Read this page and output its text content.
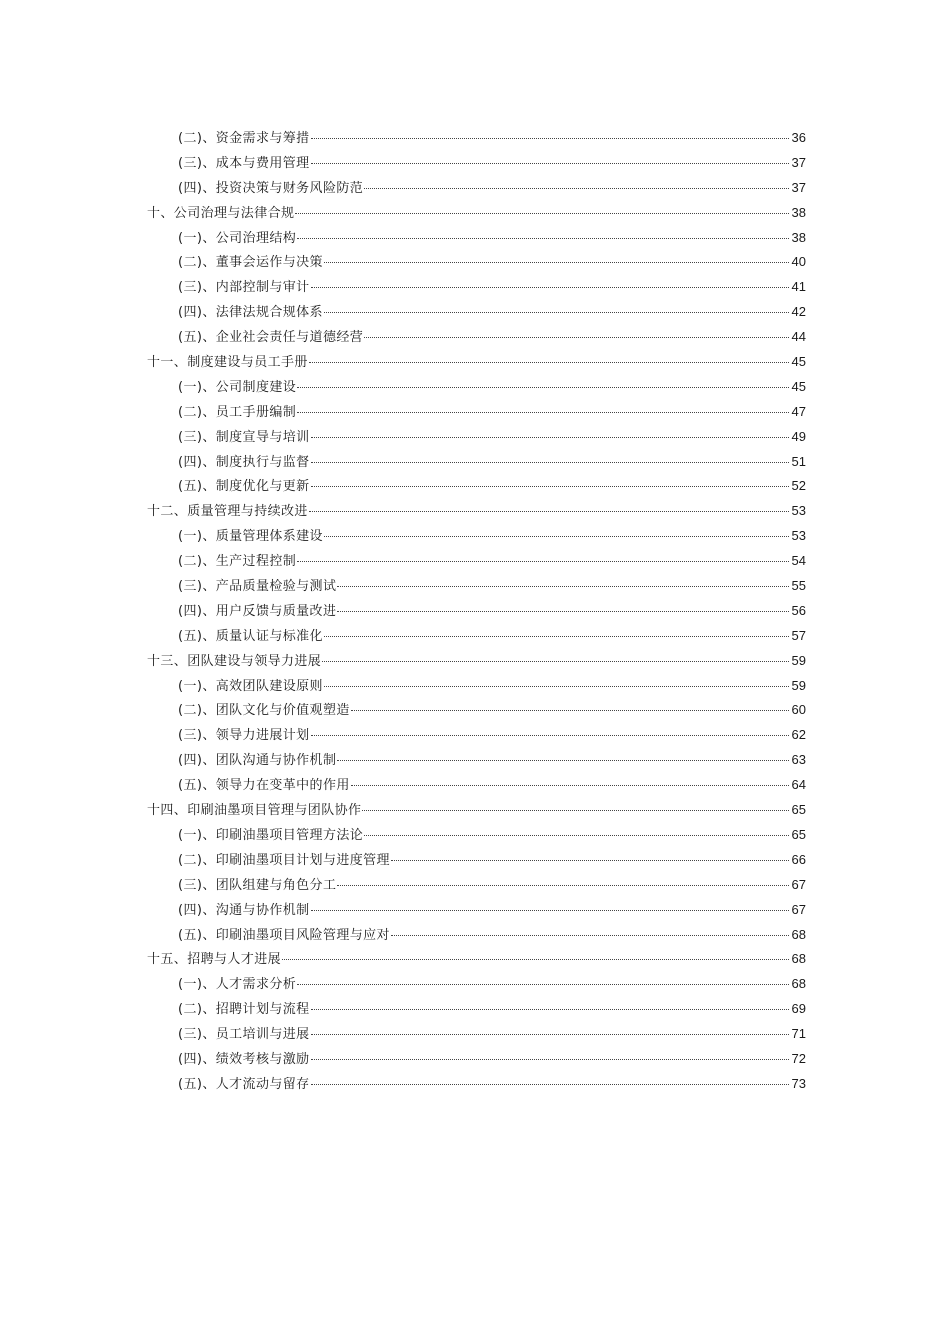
(二)、资金需求与筹措	36
(三)、成本与费用管理	37
(四)、投资决策与财务风险防范	37
十、公司治理与法律合规	38
(一)、公司治理结构	38
(二)、董事会运作与决策	40
(三)、内部控制与审计	41
(四)、法律法规合规体系	42
(五)、企业社会责任与道德经营	44
十一、制度建设与员工手册	45
(一)、公司制度建设	45
(二)、员工手册编制	47
(三)、制度宣导与培训	49
(四)、制度执行与监督	51
(五)、制度优化与更新	52
十二、质量管理与持续改进	53
(一)、质量管理体系建设	53
(二)、生产过程控制	54
(三)、产品质量检验与测试	55
(四)、用户反馈与质量改进	56
(五)、质量认证与标准化	57
十三、团队建设与领导力进展	59
(一)、高效团队建设原则	59
(二)、团队文化与价值观塑造	60
(三)、领导力进展计划	62
(四)、团队沟通与协作机制	63
(五)、领导力在变革中的作用	64
十四、印刷油墨项目管理与团队协作	65
(一)、印刷油墨项目管理方法论	65
(二)、印刷油墨项目计划与进度管理	66
(三)、团队组建与角色分工	67
(四)、沟通与协作机制	67
(五)、印刷油墨项目风险管理与应对	68
十五、招聘与人才进展	68
(一)、人才需求分析	68
(二)、招聘计划与流程	69
(三)、员工培训与进展	71
(四)、绩效考核与激励	72
(五)、人才流动与留存	73
